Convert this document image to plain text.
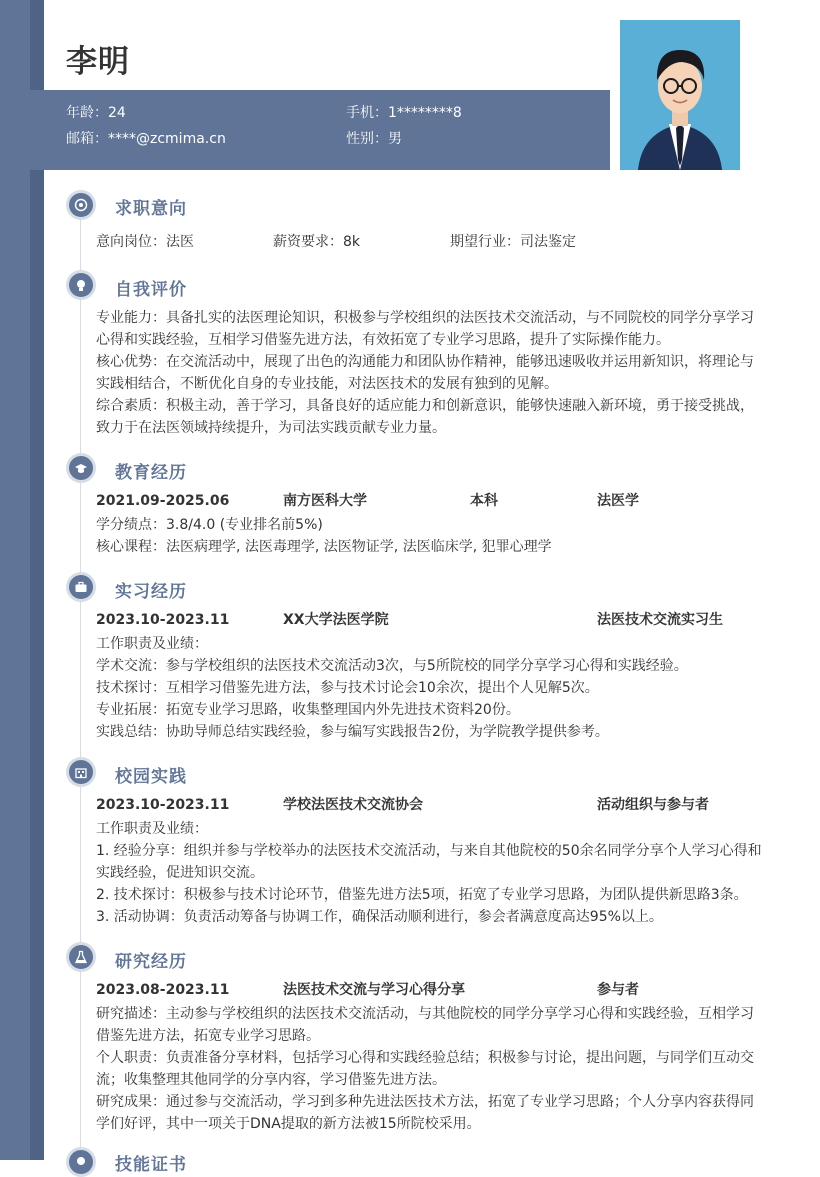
李明
年龄：24	手机：1********8
邮箱：****@zcmima.cn	性别：男
求职意向
意向岗位：法医	薪资要求：8k	期望行业：司法鉴定
自我评价
专业能力：具备扎实的法医理论知识，积极参与学校组织的法医技术交流活动，与不同院校的同学分享学习
心得和实践经验，互相学习借鉴先进方法，有效拓宽了专业学习思路，提升了实际操作能力。
核心优势：在交流活动中，展现了出色的沟通能力和团队协作精神，能够迅速吸收并运用新知识，将理论与
实践相结合，不断优化自身的专业技能，对法医技术的发展有独到的见解。
综合素质：积极主动，善于学习，具备良好的适应能力和创新意识，能够快速融入新环境，勇于接受挑战，
致力于在法医领域持续提升，为司法实践贡献专业力量。
教育经历
2021.09-2025.06	南方医科大学	本科	法医学
学分绩点：3.8/4.0 (专业排名前5%)
核心课程：法医病理学, 法医毒理学, 法医物证学, 法医临床学, 犯罪心理学
实习经历
2023.10-2023.11	XX大学法医学院	法医技术交流实习生
工作职责及业绩：
学术交流：参与学校组织的法医技术交流活动3次，与5所院校的同学分享学习心得和实践经验。
技术探讨：互相学习借鉴先进方法，参与技术讨论会10余次，提出个人见解5次。
专业拓展：拓宽专业学习思路，收集整理国内外先进技术资料20份。
实践总结：协助导师总结实践经验，参与编写实践报告2份，为学院教学提供参考。
校园实践
2023.10-2023.11	学校法医技术交流协会	活动组织与参与者
工作职责及业绩：
1. 经验分享：组织并参与学校举办的法医技术交流活动，与来自其他院校的50余名同学分享个人学习心得和
实践经验，促进知识交流。
2. 技术探讨：积极参与技术讨论环节，借鉴先进方法5项，拓宽了专业学习思路，为团队提供新思路3条。
3. 活动协调：负责活动筹备与协调工作，确保活动顺利进行，参会者满意度高达95%以上。
研究经历
2023.08-2023.11	法医技术交流与学习心得分享	参与者
研究描述：主动参与学校组织的法医技术交流活动，与其他院校的同学分享学习心得和实践经验，互相学习
借鉴先进方法，拓宽专业学习思路。
个人职责：负责准备分享材料，包括学习心得和实践经验总结；积极参与讨论，提出问题，与同学们互动交
流；收集整理其他同学的分享内容，学习借鉴先进方法。
研究成果：通过参与交流活动，学习到多种先进法医技术方法，拓宽了专业学习思路；个人分享内容获得同
学们好评，其中一项关于DNA提取的新方法被15所院校采用。
技能证书
